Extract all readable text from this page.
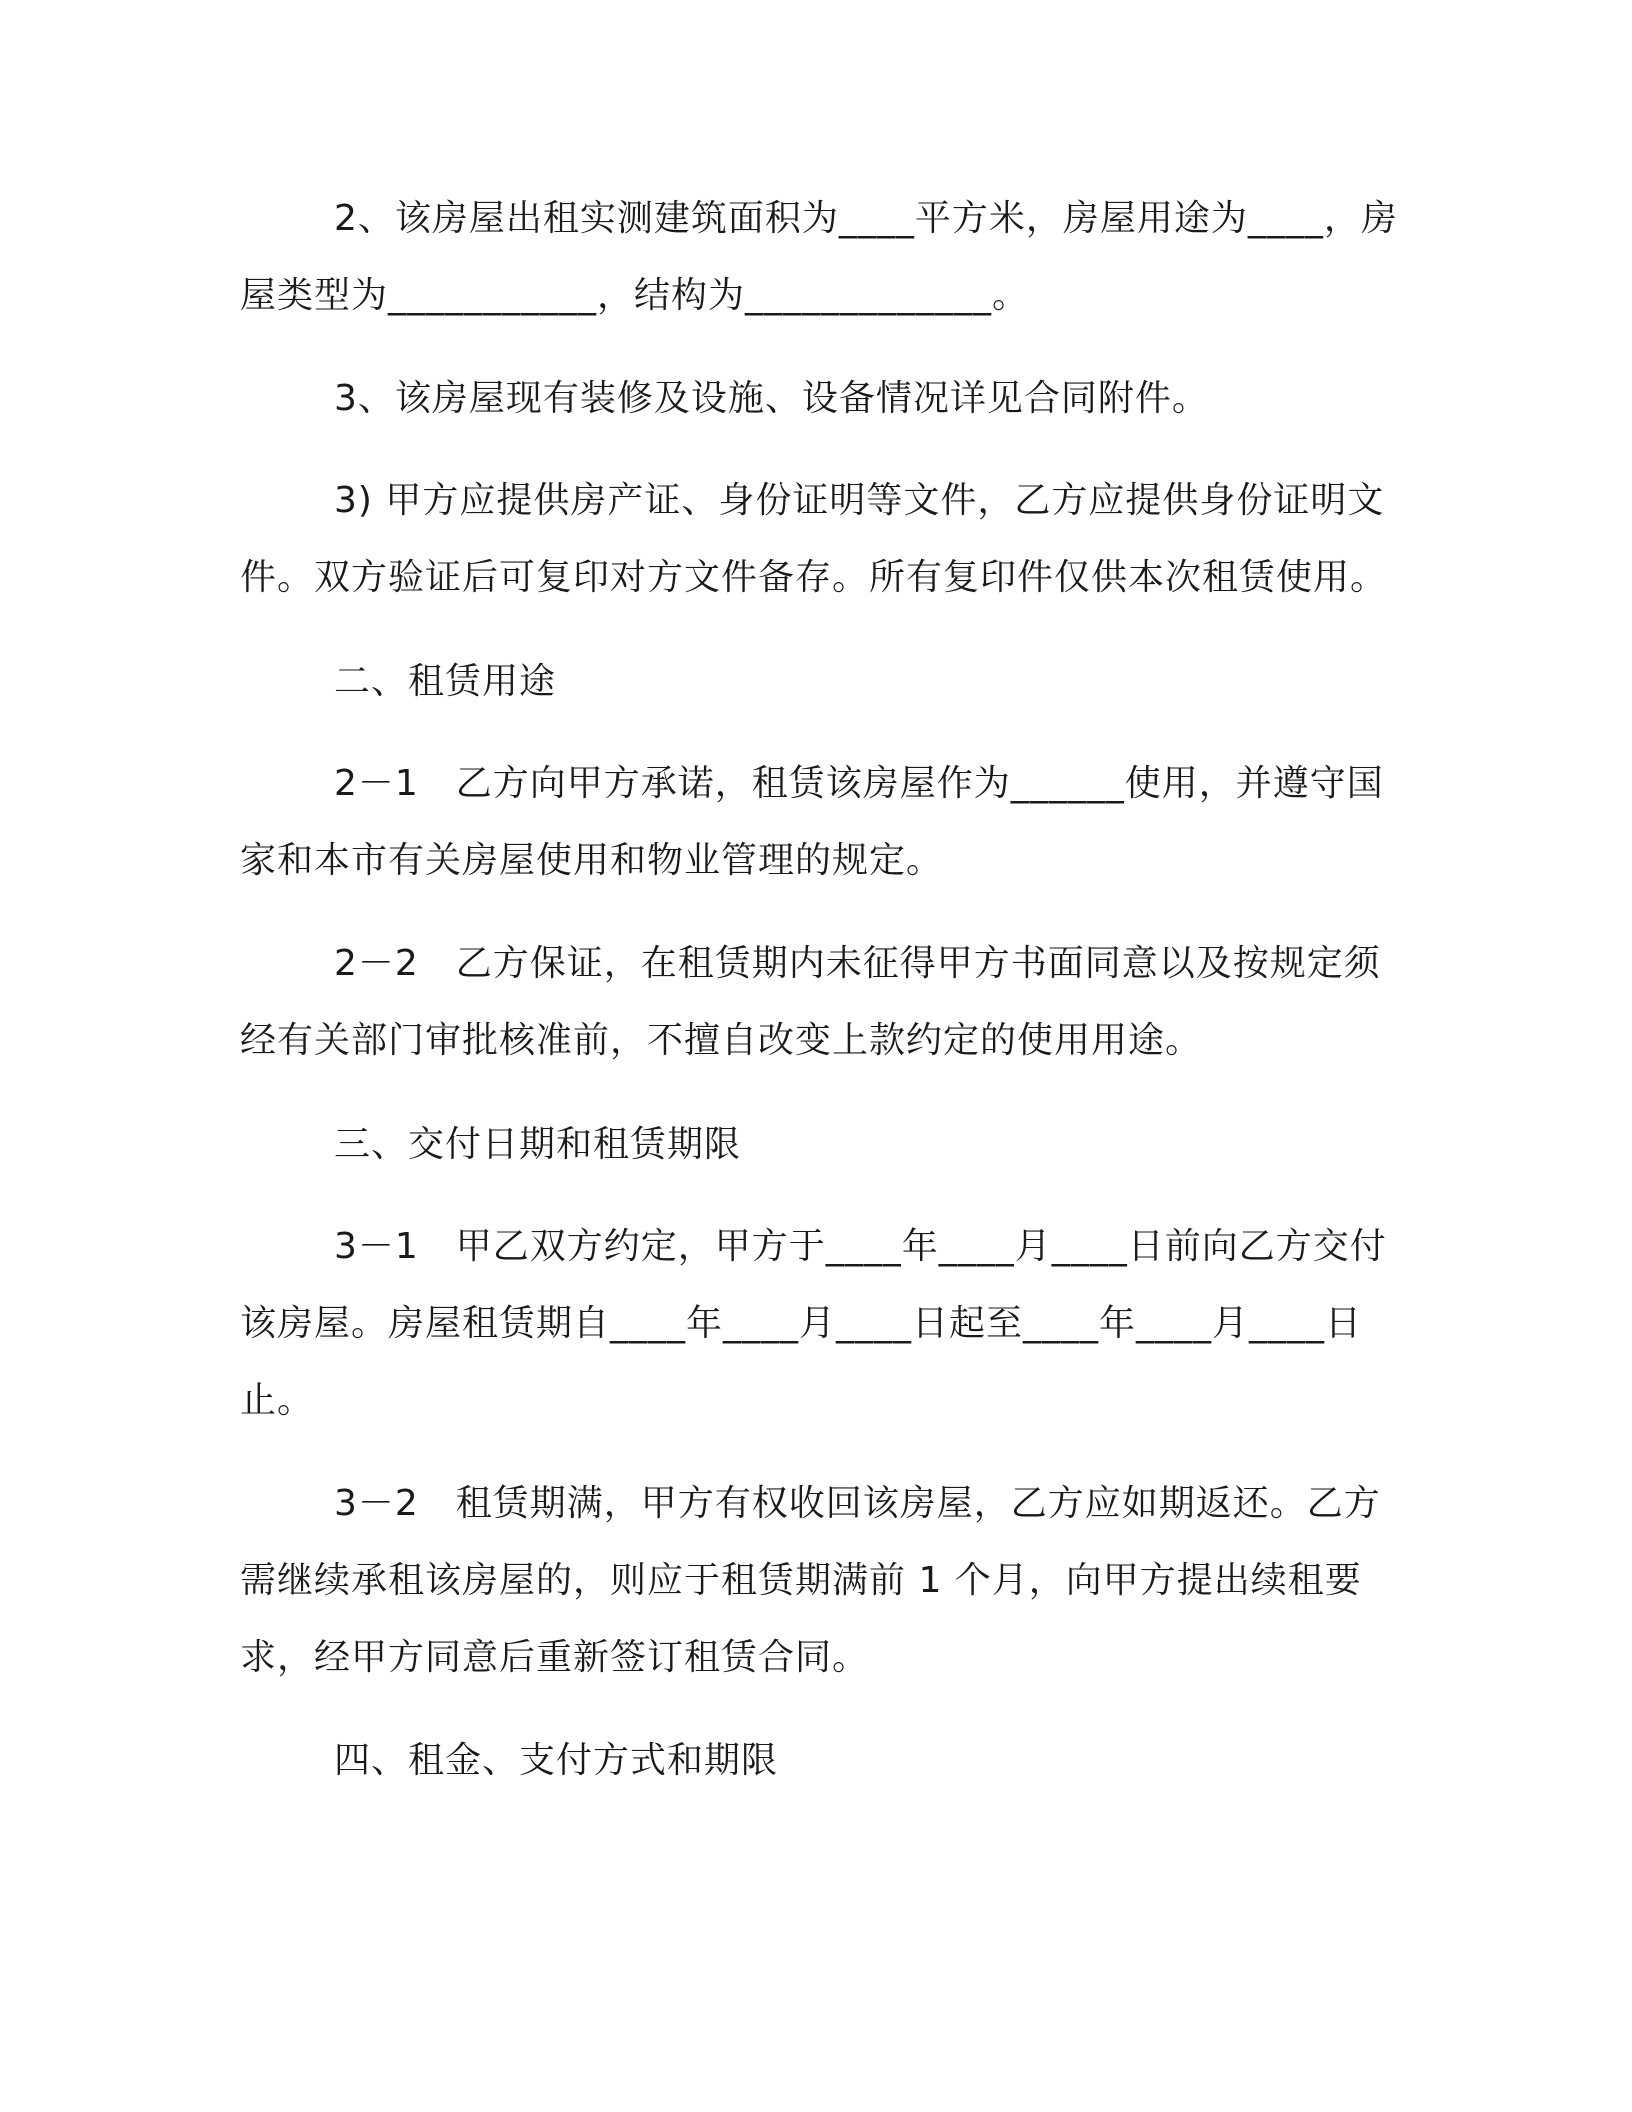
2、该房屋出租实测建筑面积为____平方米，房屋用途为____，房屋类型为___________，结构为_____________。

3、该房屋现有装修及设施、设备情况详见合同附件。

3) 甲方应提供房产证、身份证明等文件，乙方应提供身份证明文件。双方验证后可复印对方文件备存。所有复印件仅供本次租赁使用。

二、租赁用途

2－1　乙方向甲方承诺，租赁该房屋作为______使用，并遵守国家和本市有关房屋使用和物业管理的规定。

2－2　乙方保证，在租赁期内未征得甲方书面同意以及按规定须经有关部门审批核准前，不擅自改变上款约定的使用用途。

三、交付日期和租赁期限

3－1　甲乙双方约定，甲方于____年____月____日前向乙方交付该房屋。房屋租赁期自____年____月____日起至____年____月____日止。

3－2　租赁期满，甲方有权收回该房屋，乙方应如期返还。乙方需继续承租该房屋的，则应于租赁期满前 1 个月，向甲方提出续租要求，经甲方同意后重新签订租赁合同。

四、租金、支付方式和期限
